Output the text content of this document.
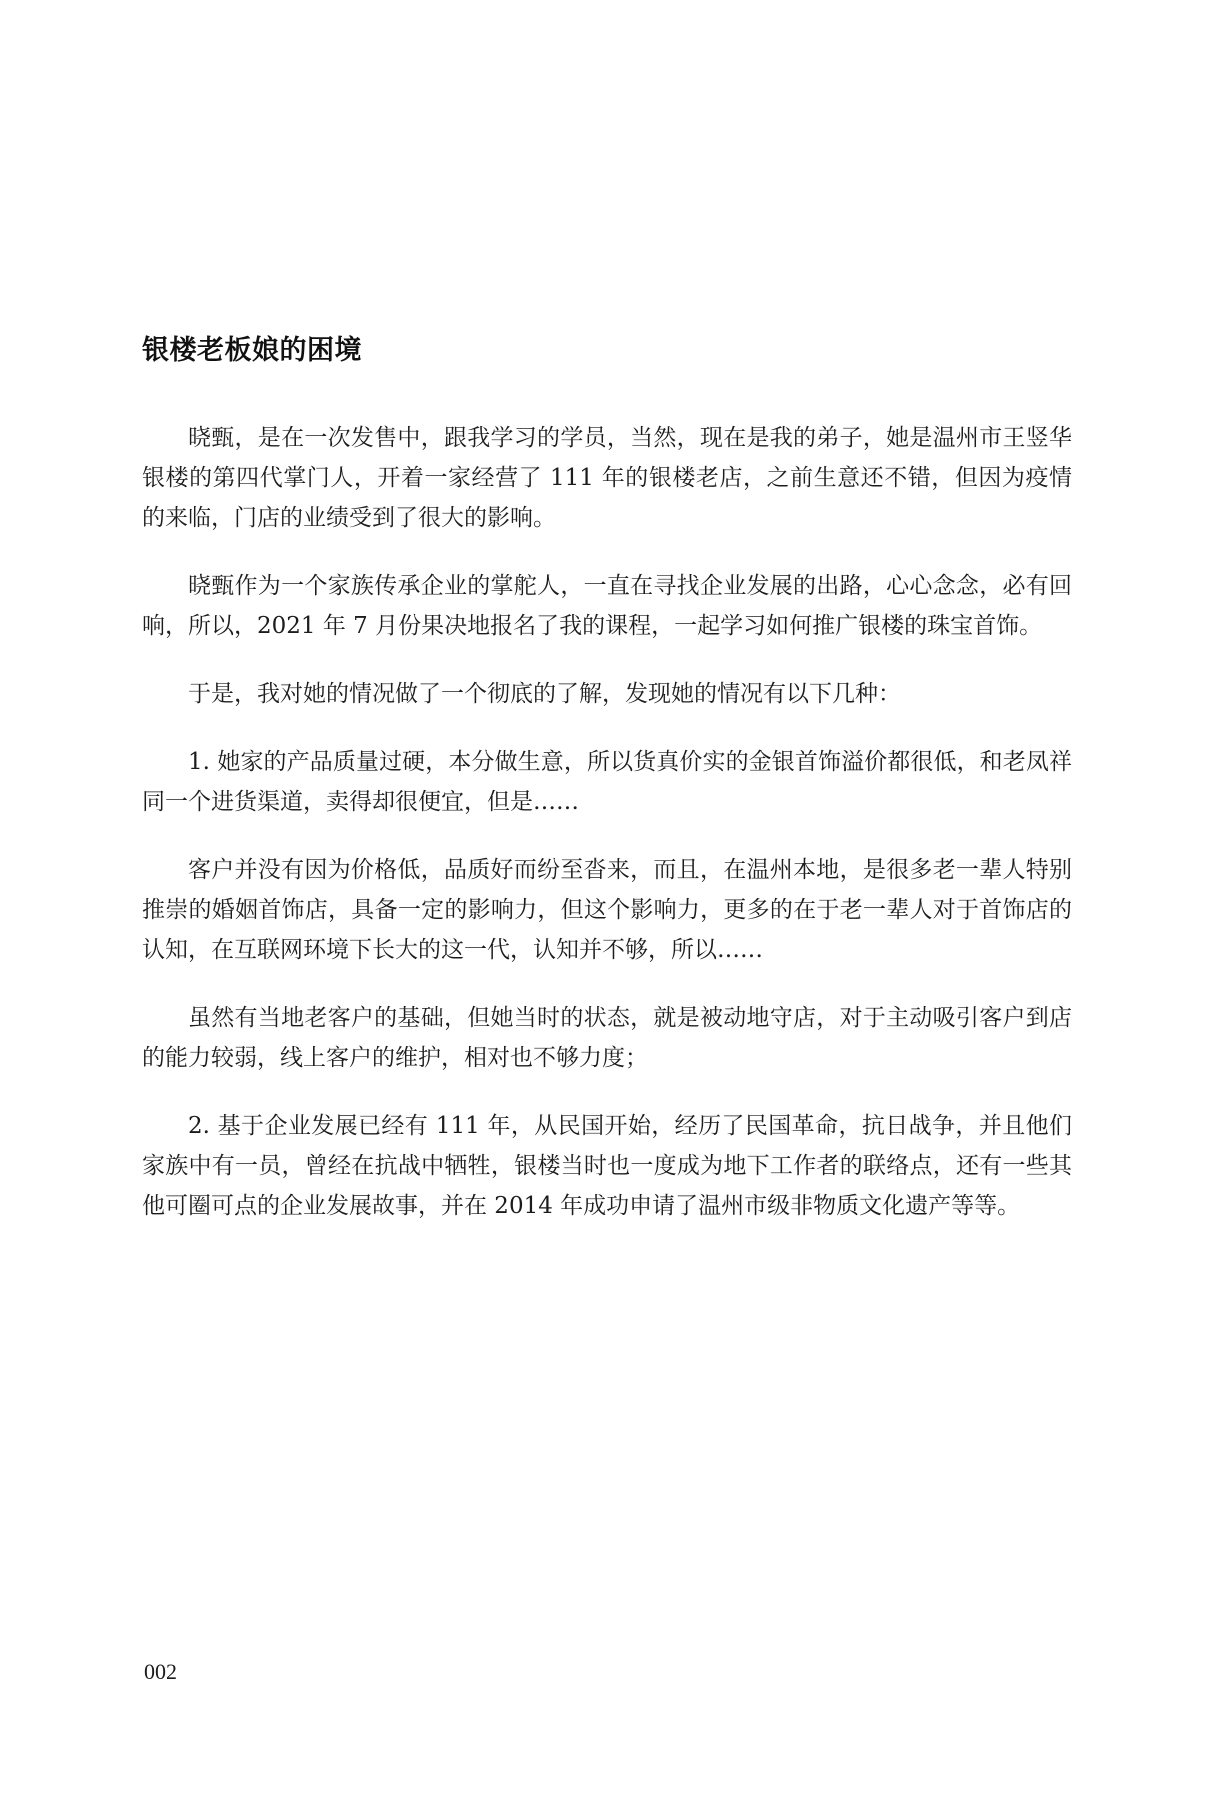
银楼老板娘的困境

晓甄，是在一次发售中，跟我学习的学员，当然，现在是我的弟子，她是温州市王竖华银楼的第四代掌门人，开着一家经营了 111 年的银楼老店，之前生意还不错，但因为疫情的来临，门店的业绩受到了很大的影响。

晓甄作为一个家族传承企业的掌舵人，一直在寻找企业发展的出路，心心念念，必有回响，所以，2021 年 7 月份果决地报名了我的课程，一起学习如何推广银楼的珠宝首饰。

于是，我对她的情况做了一个彻底的了解，发现她的情况有以下几种：

1. 她家的产品质量过硬，本分做生意，所以货真价实的金银首饰溢价都很低，和老凤祥同一个进货渠道，卖得却很便宜，但是……

客户并没有因为价格低，品质好而纷至沓来，而且，在温州本地，是很多老一辈人特别推崇的婚姻首饰店，具备一定的影响力，但这个影响力，更多的在于老一辈人对于首饰店的认知，在互联网环境下长大的这一代，认知并不够，所以……

虽然有当地老客户的基础，但她当时的状态，就是被动地守店，对于主动吸引客户到店的能力较弱，线上客户的维护，相对也不够力度；

2. 基于企业发展已经有 111 年，从民国开始，经历了民国革命，抗日战争，并且他们家族中有一员，曾经在抗战中牺牲，银楼当时也一度成为地下工作者的联络点，还有一些其他可圈可点的企业发展故事，并在 2014 年成功申请了温州市级非物质文化遗产等等。

002
